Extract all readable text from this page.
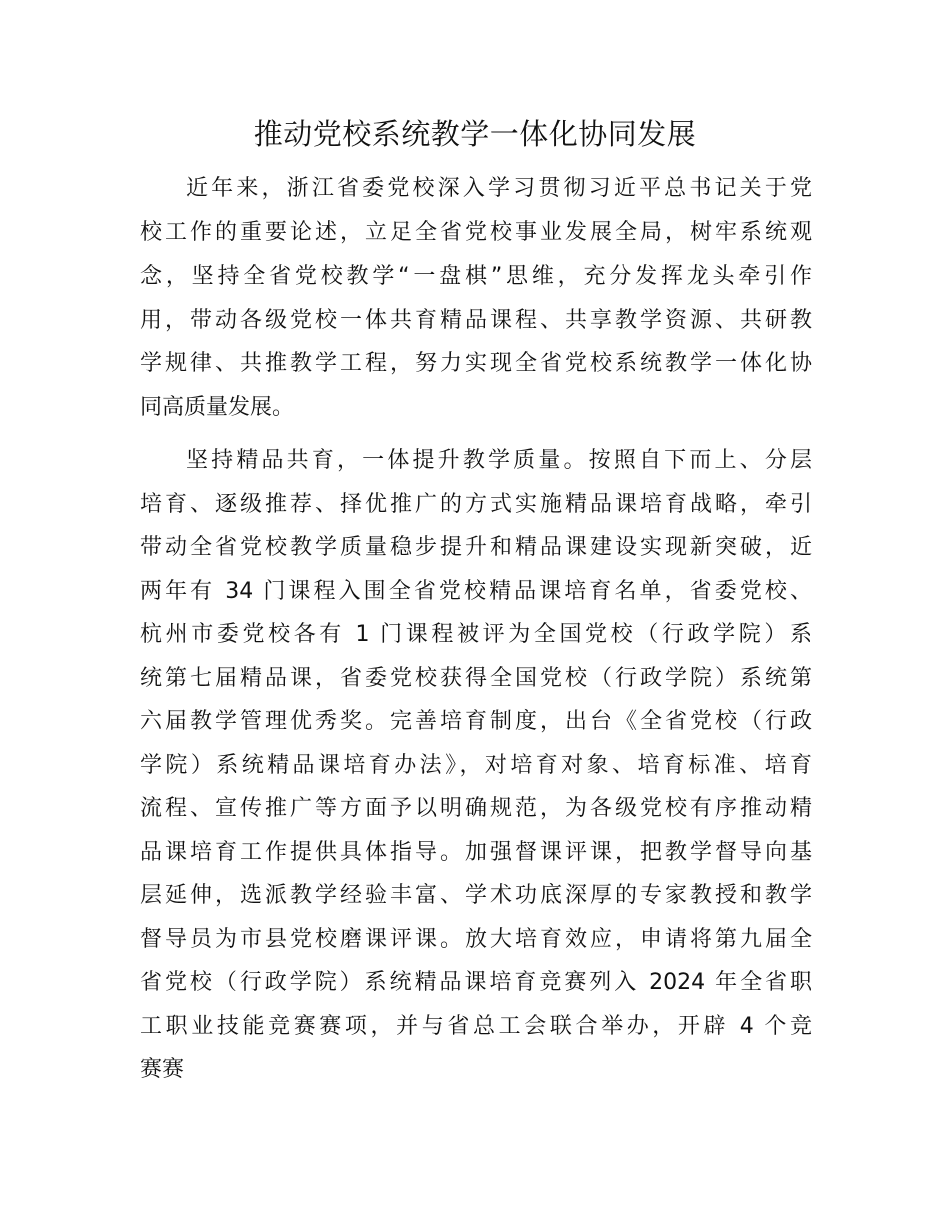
推动党校系统教学一体化协同发展

近年来，浙江省委党校深入学习贯彻习近平总书记关于党

校工作的重要论述，立足全省党校事业发展全局，树牢系统观

念，坚持全省党校教学“一盘棋”思维，充分发挥龙头牵引作

用，带动各级党校一体共育精品课程、共享教学资源、共研教

学规律、共推教学工程，努力实现全省党校系统教学一体化协

同高质量发展。

坚持精品共育，一体提升教学质量。按照自下而上、分层

培育、逐级推荐、择优推广的方式实施精品课培育战略，牵引

带动全省党校教学质量稳步提升和精品课建设实现新突破，近

两年有 34 门课程入围全省党校精品课培育名单，省委党校、

杭州市委党校各有 1 门课程被评为全国党校（行政学院）系

统第七届精品课，省委党校获得全国党校（行政学院）系统第

六届教学管理优秀奖。完善培育制度，出台《全省党校（行政

学院）系统精品课培育办法》，对培育对象、培育标准、培育

流程、宣传推广等方面予以明确规范，为各级党校有序推动精

品课培育工作提供具体指导。加强督课评课，把教学督导向基

层延伸，选派教学经验丰富、学术功底深厚的专家教授和教学

督导员为市县党校磨课评课。放大培育效应，申请将第九届全

省党校（行政学院）系统精品课培育竞赛列入 2024 年全省职

工职业技能竞赛赛项，并与省总工会联合举办，开辟 4 个竞

赛赛
